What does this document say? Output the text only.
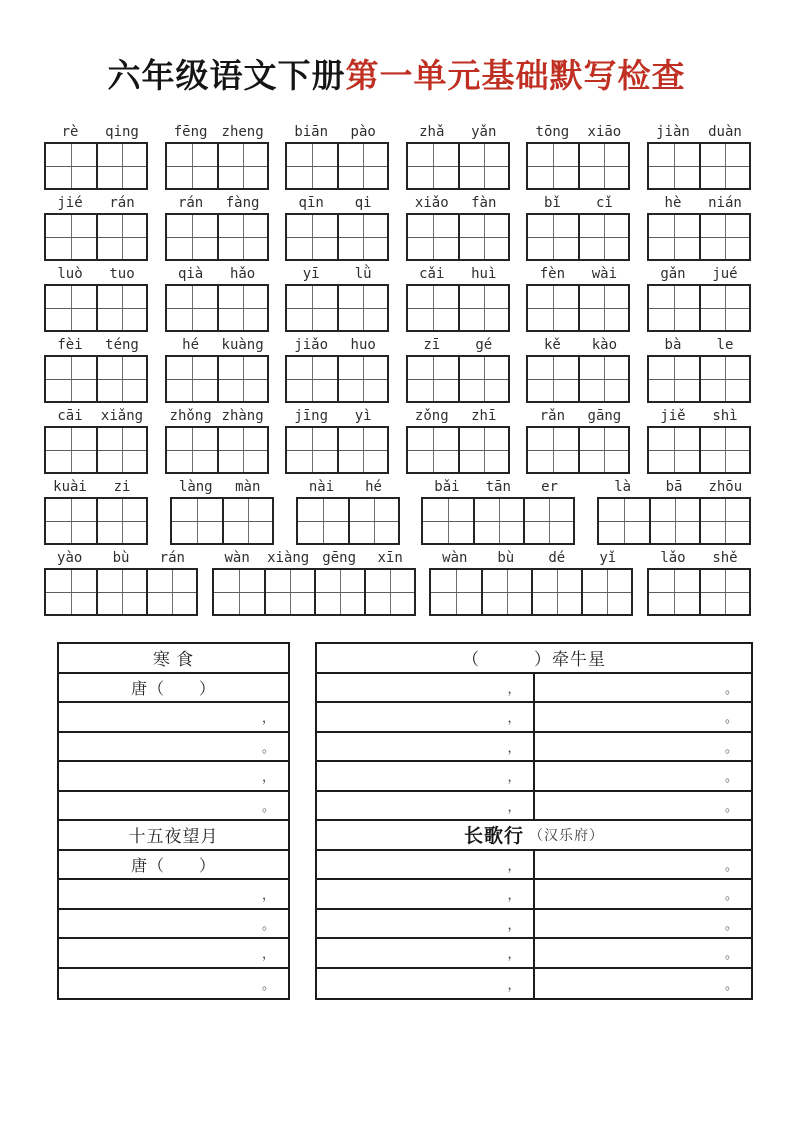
六年级语文下册第一单元基础默写检查
rè	qing	fēng	zheng	biān	pào	zhǎ	yǎn	tōng	xiāo	jiàn	duàn
jié	rán	rán	fàng	qīn	qi	xiǎo	fàn	bǐ	cǐ	hè	nián
luò	tuo	qià	hǎo	yī	lǜ	cǎi	huì	fèn	wài	gǎn	jué
fèi	téng	hé	kuàng	jiǎo	huo	zī	gé	kě	kào	bà	le
cāi	xiǎng	zhǒng zhàng	jīng	yì	zǒng	zhī	rǎn	gāng	jiě	shì
kuài	zi	làng	màn	nài	hé	bǎi	tān	er	là	bā	zhōu
yào	bù	rán	wàn	xiàng gēng	xīn	wàn	bù	dé	yǐ	lǎo	shě
寒 食
唐（　　）
，
。
，
。
十五夜望月
唐（　　）
，
。
，
。
（　　　）牵牛星
，	。
，	。
，	。
，	。
，	。
长歌行 （汉乐府）
，	。
，	。
，	。
，	。
，	。
